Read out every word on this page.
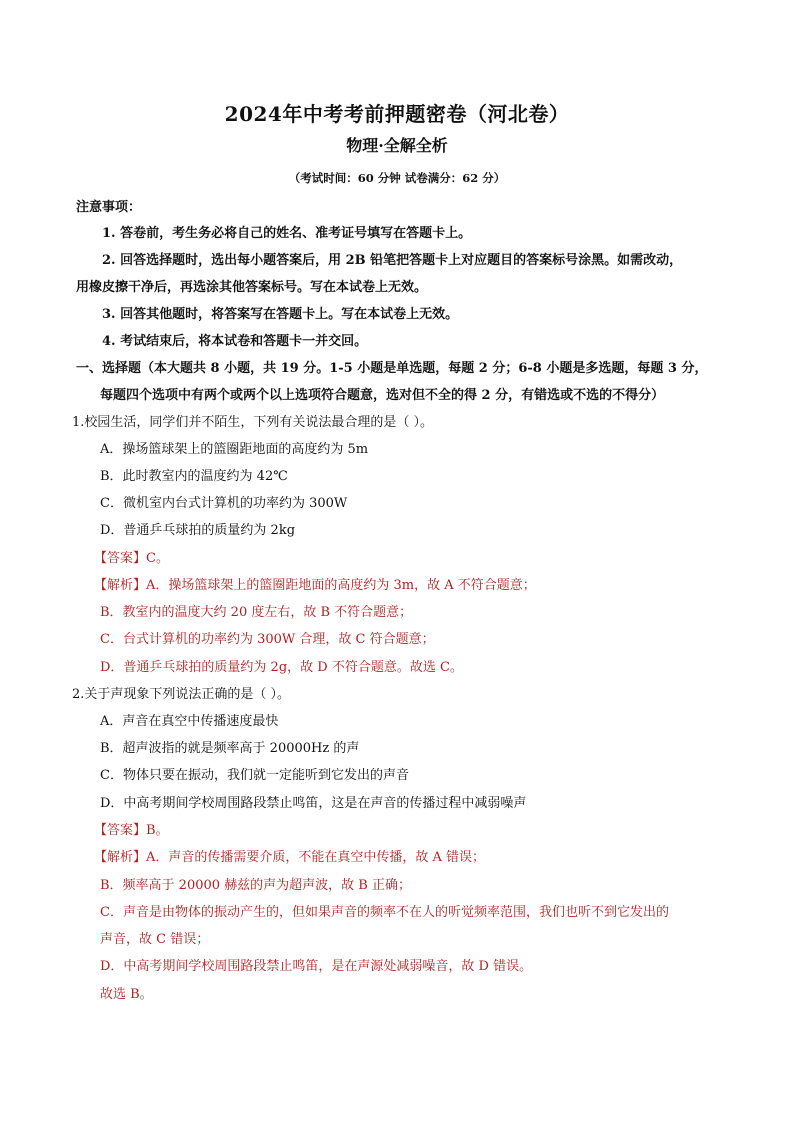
2024年中考考前押题密卷（河北卷）
物理·全解全析
（考试时间：60 分钟 试卷满分：62 分）
注意事项：
1. 答卷前，考生务必将自己的姓名、准考证号填写在答题卡上。
2. 回答选择题时，选出每小题答案后，用 2B 铅笔把答题卡上对应题目的答案标号涂黑。如需改动，
用橡皮擦干净后，再选涂其他答案标号。写在本试卷上无效。
3. 回答其他题时，将答案写在答题卡上。写在本试卷上无效。
4. 考试结束后，将本试卷和答题卡一并交回。
一、选择题（本大题共 8 小题，共 19 分。1-5 小题是单选题，每题 2 分；6-8 小题是多选题，每题 3 分，
每题四个选项中有两个或两个以上选项符合题意，选对但不全的得 2 分，有错选或不选的不得分）
1.校园生活，同学们并不陌生，下列有关说法最合理的是（ ）。
A．操场篮球架上的篮圈距地面的高度约为 5m
B．此时教室内的温度约为 42℃
C．微机室内台式计算机的功率约为 300W
D．普通乒乓球拍的质量约为 2kg
【答案】C。
【解析】A．操场篮球架上的篮圈距地面的高度约为 3m，故 A 不符合题意；
B．教室内的温度大约 20 度左右，故 B 不符合题意；
C．台式计算机的功率约为 300W 合理，故 C 符合题意；
D．普通乒乓球拍的质量约为 2g，故 D 不符合题意。故选 C。
2.关于声现象下列说法正确的是（ ）。
A．声音在真空中传播速度最快
B．超声波指的就是频率高于 20000Hz 的声
C．物体只要在振动，我们就一定能听到它发出的声音
D．中高考期间学校周围路段禁止鸣笛，这是在声音的传播过程中减弱噪声
【答案】B。
【解析】A．声音的传播需要介质，不能在真空中传播，故 A 错误；
B．频率高于 20000 赫兹的声为超声波，故 B 正确；
C．声音是由物体的振动产生的，但如果声音的频率不在人的听觉频率范围，我们也听不到它发出的
声音，故 C 错误；
D．中高考期间学校周围路段禁止鸣笛，是在声源处减弱噪音，故 D 错误。
故选 B。
